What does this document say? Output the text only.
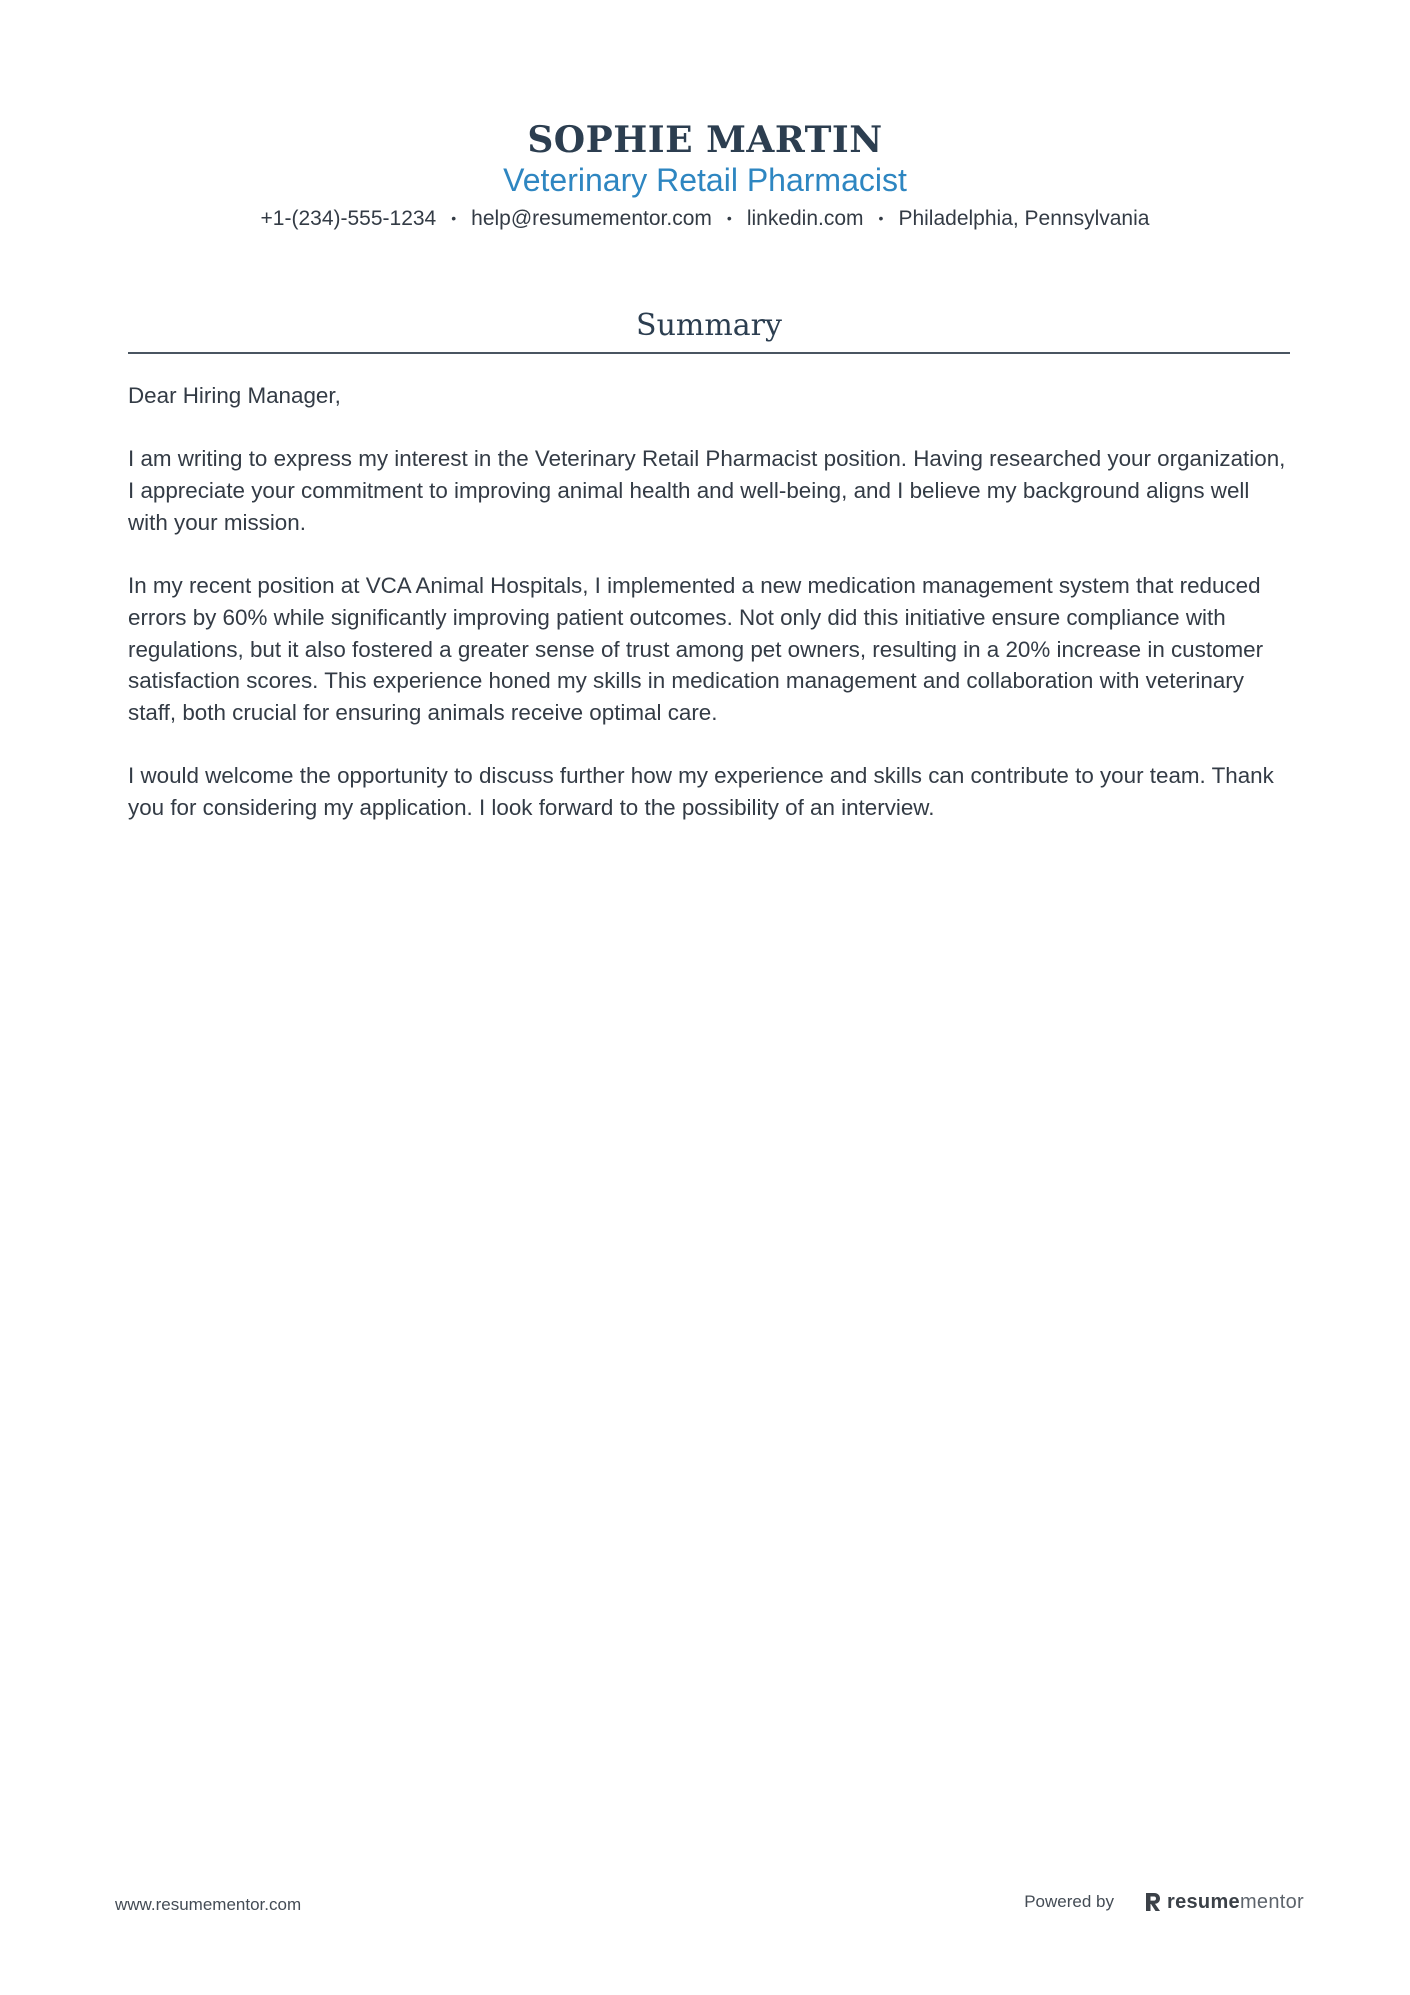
SOPHIE MARTIN
Veterinary Retail Pharmacist
+1-(234)-555-1234 • help@resumementor.com • linkedin.com • Philadelphia, Pennsylvania
Summary

Dear Hiring Manager,

I am writing to express my interest in the Veterinary Retail Pharmacist position. Having researched your organization, I appreciate your commitment to improving animal health and well-being, and I believe my background aligns well with your mission.

In my recent position at VCA Animal Hospitals, I implemented a new medication management system that reduced errors by 60% while significantly improving patient outcomes. Not only did this initiative ensure compliance with regulations, but it also fostered a greater sense of trust among pet owners, resulting in a 20% increase in customer satisfaction scores. This experience honed my skills in medication management and collaboration with veterinary staff, both crucial for ensuring animals receive optimal care.

I would welcome the opportunity to discuss further how my experience and skills can contribute to your team. Thank you for considering my application. I look forward to the possibility of an interview.

www.resumementor.com	Powered by	resume mentor
